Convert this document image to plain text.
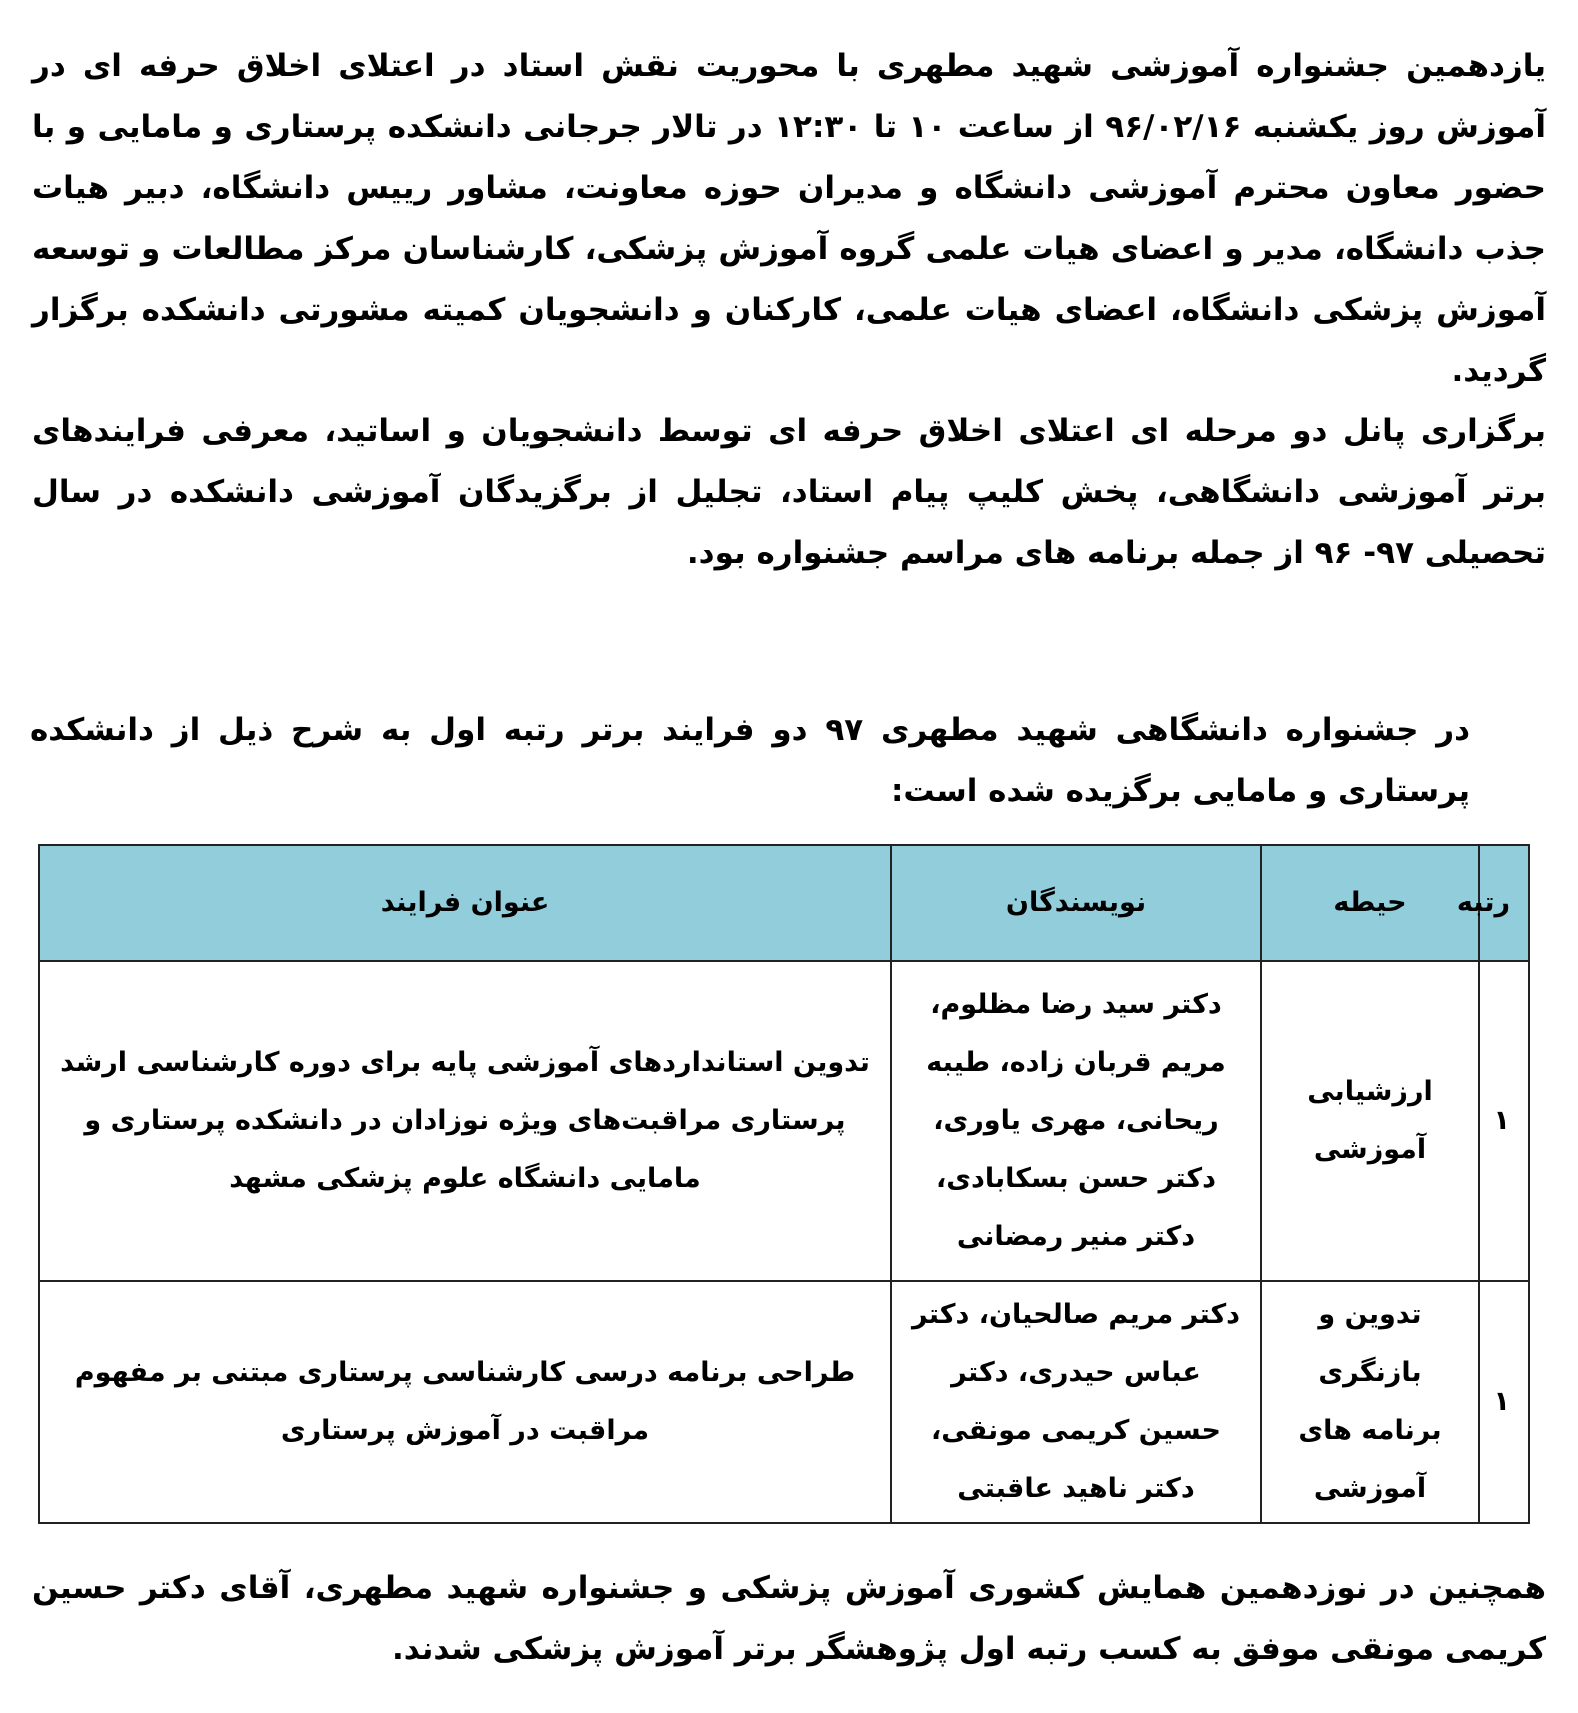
یازدهمین جشنواره آموزشی شهید مطهری با محوریت نقش استاد در اعتلای اخلاق حرفه ای در آموزش روز یکشنبه ۹۶/۰۲/۱۶ از ساعت ۱۰ تا ۱۲:۳۰ در تالار جرجانی دانشکده پرستاری و مامایی و با حضور معاون محترم آموزشی دانشگاه و مدیران حوزه معاونت، مشاور رییس دانشگاه، دبیر هیات جذب دانشگاه، مدیر و اعضای هیات علمی گروه آموزش پزشکی، کارشناسان مرکز مطالعات و توسعه آموزش پزشکی دانشگاه، اعضای هیات علمی، کارکنان و دانشجویان کمیته مشورتی دانشکده برگزار گردید.

برگزاری پانل دو مرحله ای اعتلای اخلاق حرفه ای توسط دانشجویان و اساتید، معرفی فرایندهای برتر آموزشی دانشگاهی، پخش کلیپ پیام استاد، تجلیل از برگزیدگان آموزشی دانشکده در سال تحصیلی ۹۷- ۹۶ از جمله برنامه های مراسم جشنواره بود.

در جشنواره دانشگاهی شهید مطهری ۹۷ دو فرایند برتر رتبه اول به شرح ذیل از دانشکده پرستاری و مامایی برگزیده شده است:

رتبه	حیطه	نویسندگان	عنوان فرایند
۱	ارزشیابی آموزشی	دکتر سید رضا مظلوم، مریم قربان زاده، طیبه ریحانی، مهری یاوری، دکتر حسن بسکابادی، دکتر منیر رمضانی	تدوین استانداردهای آموزشی پایه برای دوره کارشناسی ارشد پرستاری مراقبت‌های ویژه نوزادان در دانشکده پرستاری و مامایی دانشگاه علوم پزشکی مشهد
۱	تدوین و بازنگری برنامه های آموزشی	دکتر مریم صالحیان، دکتر عباس حیدری، دکتر حسین کریمی مونقی، دکتر ناهید عاقبتی	طراحی برنامه درسی کارشناسی پرستاری مبتنی بر مفهوم مراقبت در آموزش پرستاری

همچنین در نوزدهمین همایش کشوری آموزش پزشکی و جشنواره شهید مطهری، آقای دکتر حسین کریمی مونقی موفق به کسب رتبه اول پژوهشگر برتر آموزش پزشکی شدند.
